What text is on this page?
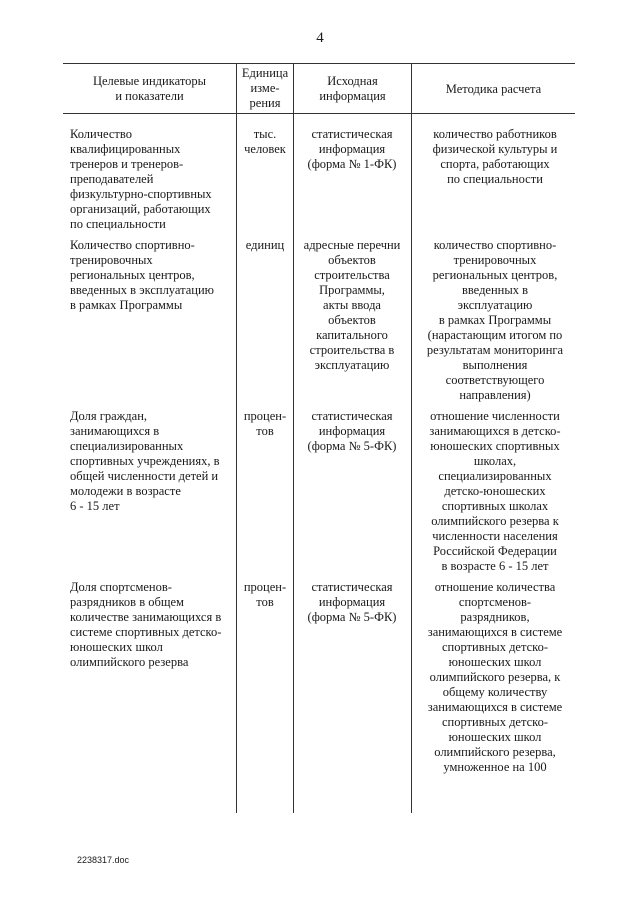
4
Целевые индикаторы
и показатели
Единица
изме-
рения
Исходная
информация	Методика расчета
Количество
квалифицированных
тренеров и тренеров-
преподавателей
физкультурно-спортивных
организаций, работающих
по специальности
тыс.
человек
статистическая
информация
(форма № 1-ФК)
количество работников
физической культуры и
спорта, работающих
по специальности
Количество спортивно-
тренировочных
региональных центров,
введенных в эксплуатацию
в рамках Программы
единиц	адресные перечни
объектов
строительства
Программы,
акты ввода
объектов
капитального
строительства в
эксплуатацию
количество спортивно-
тренировочных
региональных центров,
введенных в
эксплуатацию
в рамках Программы
(нарастающим итогом по
результатам мониторинга
выполнения
соответствующего
направления)
Доля граждан,
занимающихся в
специализированных
спортивных учреждениях, в
общей численности детей и
молодежи в возрасте
6 - 15 лет
процен-
тов
статистическая
информация
(форма № 5-ФК)
отношение численности
занимающихся в детско-
юношеских спортивных
школах,
специализированных
детско-юношеских
спортивных школах
олимпийского резерва к
численности населения
Российской Федерации
в возрасте 6 - 15 лет
Доля спортсменов-
разрядников в общем
количестве занимающихся в
системе спортивных детско-
юношеских школ
олимпийского резерва
процен-
тов
статистическая
информация
(форма № 5-ФК)
отношение количества
спортсменов-
разрядников,
занимающихся в системе
спортивных детско-
юношеских школ
олимпийского резерва, к
общему количеству
занимающихся в системе
спортивных детско-
юношеских школ
олимпийского резерва,
умноженное на 100
2238317.doc
